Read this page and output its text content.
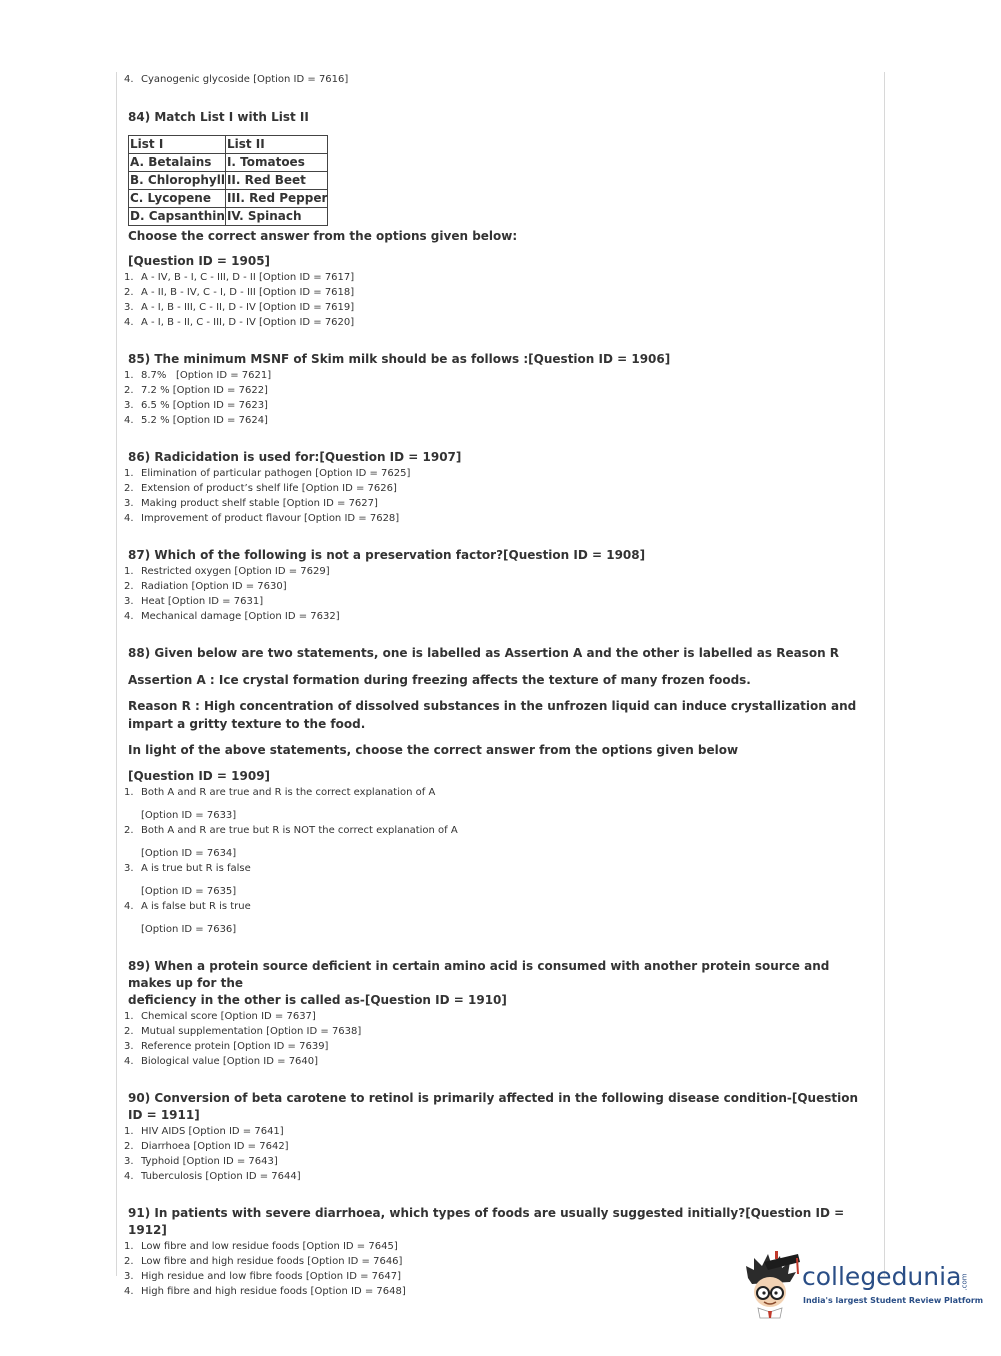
4. Cyanogenic glycoside [Option ID = 7616]
84) Match List I with List II
List I	List II
A. Betalains	I. Tomatoes
B. Chlorophyll	II. Red Beet
C. Lycopene	III. Red Pepper
D. Capsanthin	IV. Spinach
Choose the correct answer from the options given below:
[Question ID = 1905]
1. A - IV, B - I, C - III, D - II [Option ID = 7617]
2. A - II, B - IV, C - I, D - III [Option ID = 7618]
3. A - I, B - III, C - II, D - IV [Option ID = 7619]
4. A - I, B - II, C - III, D - IV [Option ID = 7620]
85) The minimum MSNF of Skim milk should be as follows :[Question ID = 1906]
1. 8.7%   [Option ID = 7621]
2. 7.2 % [Option ID = 7622]
3. 6.5 % [Option ID = 7623]
4. 5.2 % [Option ID = 7624]
86) Radicidation is used for:[Question ID = 1907]
1. Elimination of particular pathogen [Option ID = 7625]
2. Extension of product’s shelf life [Option ID = 7626]
3. Making product shelf stable [Option ID = 7627]
4. Improvement of product flavour [Option ID = 7628]
87) Which of the following is not a preservation factor?[Question ID = 1908]
1. Restricted oxygen [Option ID = 7629]
2. Radiation [Option ID = 7630]
3. Heat [Option ID = 7631]
4. Mechanical damage [Option ID = 7632]
88) Given below are two statements, one is labelled as Assertion A and the other is labelled as Reason R
Assertion A : Ice crystal formation during freezing affects the texture of many frozen foods.
Reason R : High concentration of dissolved substances in the unfrozen liquid can induce crystallization and impart a gritty texture to the food.
In light of the above statements, choose the correct answer from the options given below
[Question ID = 1909]
1. Both A and R are true and R is the correct explanation of A
[Option ID = 7633]
2. Both A and R are true but R is NOT the correct explanation of A
[Option ID = 7634]
3. A is true but R is false
[Option ID = 7635]
4. A is false but R is true
[Option ID = 7636]
89) When a protein source deficient in certain amino acid is consumed with another protein source and makes up for the
deficiency in the other is called as-[Question ID = 1910]
1. Chemical score [Option ID = 7637]
2. Mutual supplementation [Option ID = 7638]
3. Reference protein [Option ID = 7639]
4. Biological value [Option ID = 7640]
90) Conversion of beta carotene to retinol is primarily affected in the following disease condition-[Question ID = 1911]
1. HIV AIDS [Option ID = 7641]
2. Diarrhoea [Option ID = 7642]
3. Typhoid [Option ID = 7643]
4. Tuberculosis [Option ID = 7644]
91) In patients with severe diarrhoea, which types of foods are usually suggested initially?[Question ID = 1912]
1. Low fibre and low residue foods [Option ID = 7645]
2. Low fibre and high residue foods [Option ID = 7646]
3. High residue and low fibre foods [Option ID = 7647]
4. High fibre and high residue foods [Option ID = 7648]
collegedunia .com
India's largest Student Review Platform
